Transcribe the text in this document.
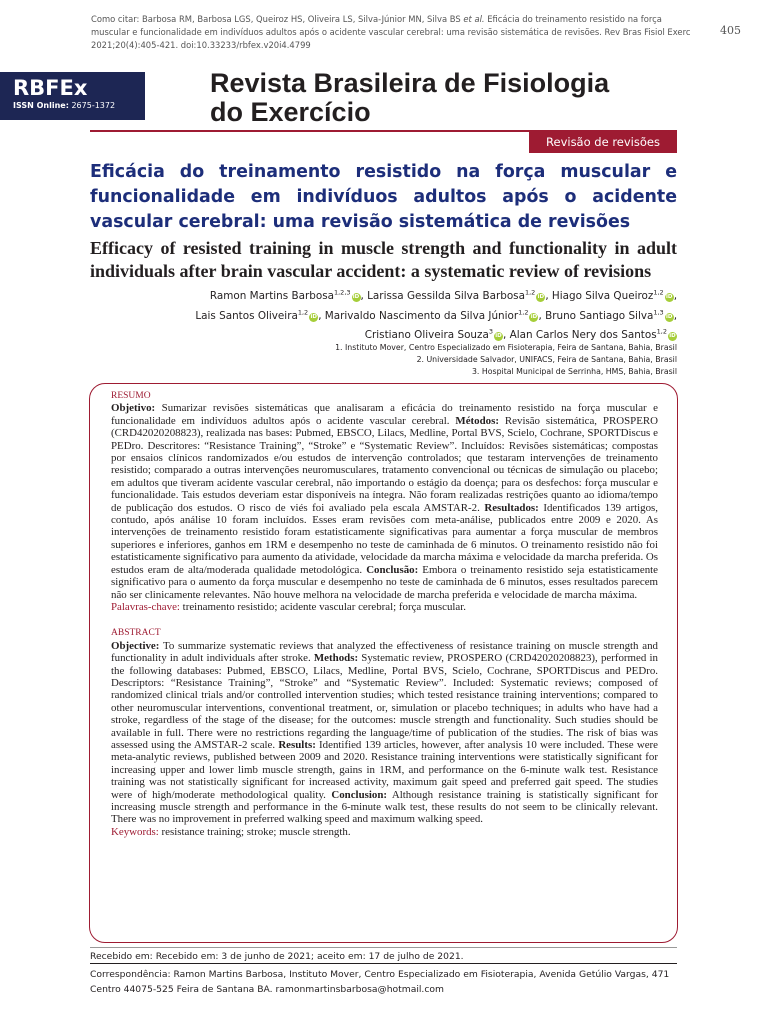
Como citar: Barbosa RM, Barbosa LGS, Queiroz HS, Oliveira LS, Silva-Júnior MN, Silva BS et al. Eficácia do treinamento resistido na força muscular e funcionalidade em indivíduos adultos após o acidente vascular cerebral: uma revisão sistemática de revisões. Rev Bras Fisiol Exerc 2021;20(4):405-421. doi:10.33233/rbfex.v20i4.4799
405
RBFEx
ISSN Online: 2675-1372
Revista Brasileira de Fisiologia do Exercício
Revisão de revisões
Eficácia do treinamento resistido na força muscular e funcionalidade em indivíduos adultos após o acidente vascular cerebral: uma revisão sistemática de revisões
Efficacy of resisted training in muscle strength and functionality in adult individuals after brain vascular accident: a systematic review of revisions
Ramon Martins Barbosa$^{1,2,3}$iD, Larissa Gessilda Silva Barbosa$^{1,2}$iD, Hiago Silva Queiroz$^{1,2}$iD,
Lais Santos Oliveira$^{1,2}$iD, Marivaldo Nascimento da Silva Júnior$^{1,2}$iD, Bruno Santiago Silva$^{1,3}$iD,
Cristiano Oliveira Souza$^3$iD, Alan Carlos Nery dos Santos$^{1,2}$iD
1. Instituto Mover, Centro Especializado em Fisioterapia, Feira de Santana, Bahia, Brasil
2. Universidade Salvador, UNIFACS, Feira de Santana, Bahia, Brasil
3. Hospital Municipal de Serrinha, HMS, Bahia, Brasil
RESUMO
Objetivo: Sumarizar revisões sistemáticas que analisaram a eficácia do treinamento resistido na força muscular e funcionalidade em indivíduos adultos após o acidente vascular cerebral. Métodos: Revisão sistemática, PROSPERO (CRD42020208823), realizada nas bases: Pubmed, EBSCO, Lilacs, Medline, Portal BVS, Scielo, Cochrane, SPORTDiscus e PEDro. Descritores: “Resistance Training”, “Stroke” e “Systematic Review”. Incluídos: Revisões sistemáticas; compostas por ensaios clínicos randomizados e/ou estudos de intervenção controlados; que testaram intervenções de treinamento resistido; comparado a outras intervenções neuromusculares, tratamento convencional ou técnicas de simulação ou placebo; em adultos que tiveram acidente vascular cerebral, não importando o estágio da doença; para os desfechos: força muscular e funcionalidade. Tais estudos deveriam estar disponíveis na íntegra. Não foram realizadas restrições quanto ao idioma/tempo de publicação dos estudos. O risco de viés foi avaliado pela escala AMSTAR-2. Resultados: Identificados 139 artigos, contudo, após análise 10 foram incluídos. Esses eram revisões com meta-análise, publicados entre 2009 e 2020. As intervenções de treinamento resistido foram estatisticamente significativas para aumentar a força muscular de membros superiores e inferiores, ganhos em 1RM e desempenho no teste de caminhada de 6 minutos. O treinamento resistido não foi estatisticamente significativo para aumento da atividade, velocidade da marcha máxima e velocidade da marcha preferida. Os estudos eram de alta/moderada qualidade metodológica. Conclusão: Embora o treinamento resistido seja estatisticamente significativo para o aumento da força muscular e desempenho no teste de caminhada de 6 minutos, esses resultados parecem não ser clinicamente relevantes. Não houve melhora na velocidade de marcha preferida e velocidade de marcha máxima.
Palavras-chave: treinamento resistido; acidente vascular cerebral; força muscular.
ABSTRACT
Objective: To summarize systematic reviews that analyzed the effectiveness of resistance training on muscle strength and functionality in adult individuals after stroke. Methods: Systematic review, PROSPERO (CRD42020208823), performed in the following databases: Pubmed, EBSCO, Lilacs, Medline, Portal BVS, Scielo, Cochrane, SPORTDiscus and PEDro. Descriptors: “Resistance Training”, “Stroke” and “Systematic Review”. Included: Systematic reviews; composed of randomized clinical trials and/or controlled intervention studies; which tested resistance training interventions; compared to other neuromuscular interventions, conventional treatment, or, simulation or placebo techniques; in adults who have had a stroke, regardless of the stage of the disease; for the outcomes: muscle strength and functionality. Such studies should be available in full. There were no restrictions regarding the language/time of publication of the studies. The risk of bias was assessed using the AMSTAR-2 scale. Results: Identified 139 articles, however, after analysis 10 were included. These were meta-analytic reviews, published between 2009 and 2020. Resistance training interventions were statistically significant for increasing upper and lower limb muscle strength, gains in 1RM, and performance on the 6-minute walk test. Resistance training was not statistically significant for increased activity, maximum gait speed and preferred gait speed. The studies were of high/moderate methodological quality. Conclusion: Although resistance training is statistically significant for increasing muscle strength and performance in the 6-minute walk test, these results do not seem to be clinically relevant. There was no improvement in preferred walking speed and maximum walking speed.
Keywords: resistance training; stroke; muscle strength.
Recebido em: Recebido em: 3 de junho de 2021; aceito em: 17 de julho de 2021.
Correspondência: Ramon Martins Barbosa, Instituto Mover, Centro Especializado em Fisioterapia, Avenida Getúlio Vargas, 471 Centro 44075-525 Feira de Santana BA. ramonmartinsbarbosa@hotmail.com
